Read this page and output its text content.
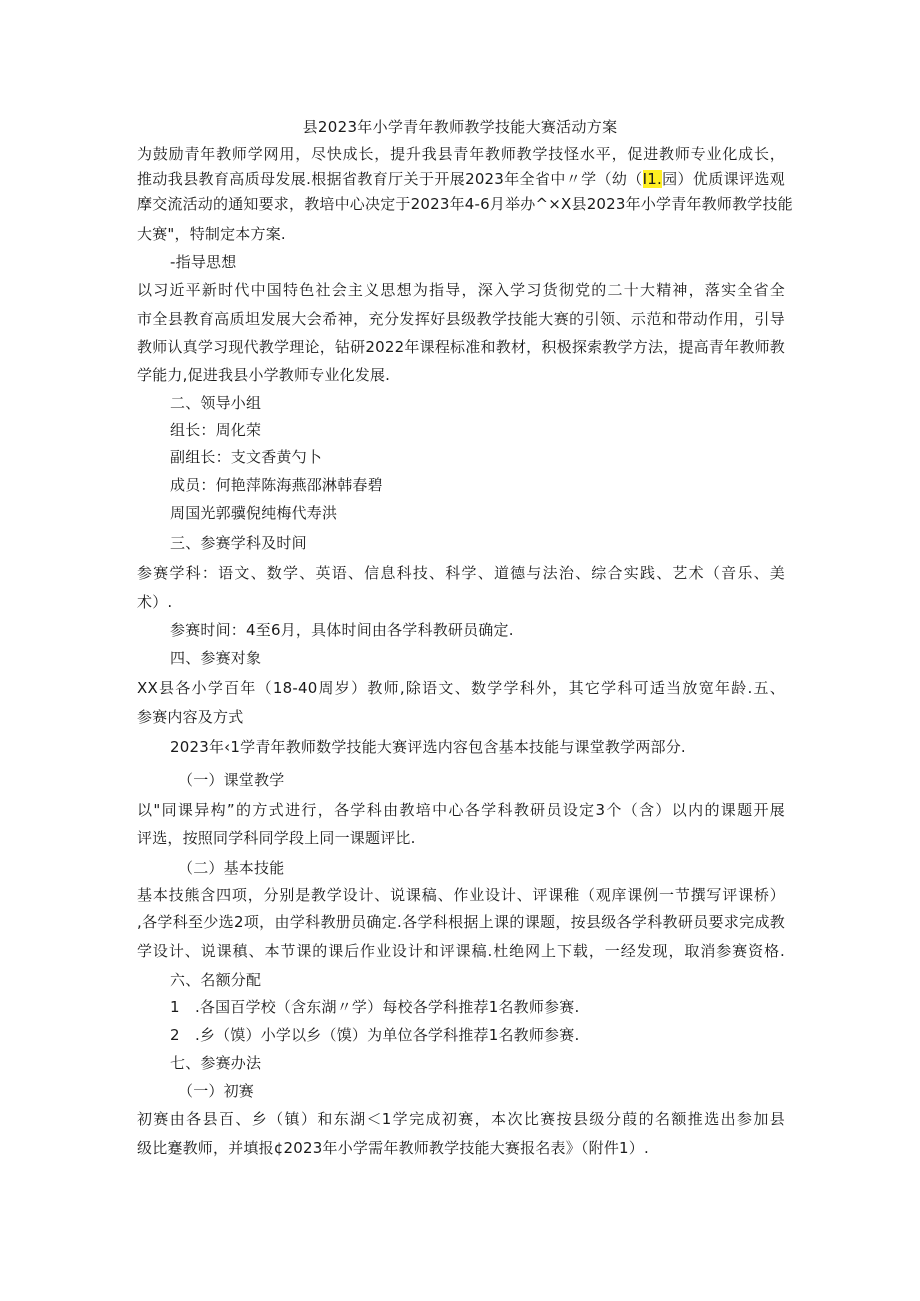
县2023年小学青年教师教学技能大赛活动方案
为鼓励青年教师学网用，尽快成长，提升我县青年教师教学技怪水平，促进教师专业化成长，
推动我县教育高质母发展.根据省教育厅关于开展2023年全省中〃学（幼（I1.园）优质课评选观
摩交流活动的通知要求，教培中心决定于2023年4-6月举办^×X县2023年小学青年教师教学技能
大赛"，特制定本方案.
-指导思想
以习近平新时代中国特色社会主义思想为指导，深入学习货彻党的二十大精神，落实全省全
市全县教育高质坦发展大会希神，充分发挥好县级教学技能大赛的引领、示范和带动作用，引导
教师认真学习现代教学理论，钻研2022年课程标准和教材，积极探索教学方法，提高青年教师教
学能力,促进我县小学教师专业化发展.
二、领导小组
组长：周化荣
副组长：支文香黄勺卜
成员：何艳萍陈海燕邵淋韩春碧
周国光郭骥倪纯梅代寿洪
三、参赛学科及时间
参赛学科：语文、数学、英语、信息科技、科学、道德与法治、综合实践、艺术（音乐、美
术）.
参赛时间：4至6月，具体时间由各学科教研员确定.
四、参赛对象
XX县各小学百年（18-40周岁）教师,除语文、数学学科外，其它学科可适当放宽年龄.五、
参赛内容及方式
2023年‹1学青年教师数学技能大赛评选内容包含基本技能与课堂教学两部分.
（一）课堂教学
以"同课异构”的方式进行，各学科由教培中心各学科教研员设定3个（含）以内的课题开展
评选，按照同学科同学段上同一课题评比.
（二）基本技能
基本技熊含四项，分别是教学设计、说课稿、作业设计、评课稚（观庠课例一节撰写评课桥）
,各学科至少选2项，由学科教册员确定.各学科根据上课的课题，按县级各学科教研员要求完成教
学设计、说课稹、本节课的课后作业设计和评课稿.杜绝网上下载，一经发现，取消参赛资格.
六、名额分配
1　.各国百学校（含东湖〃学）每校各学科推荐1名教师参赛.
2　.乡（馍）小学以乡（馍）为单位各学科推荐1名教师参赛.
七、参赛办法
（一）初赛
初赛由各县百、乡（镇）和东湖＜1学完成初赛，本次比赛按县级分葭的名额推选出参加县
级比蹇教师，并填报¢2023年小学需年教师教学技能大赛报名表》（附件1）.
